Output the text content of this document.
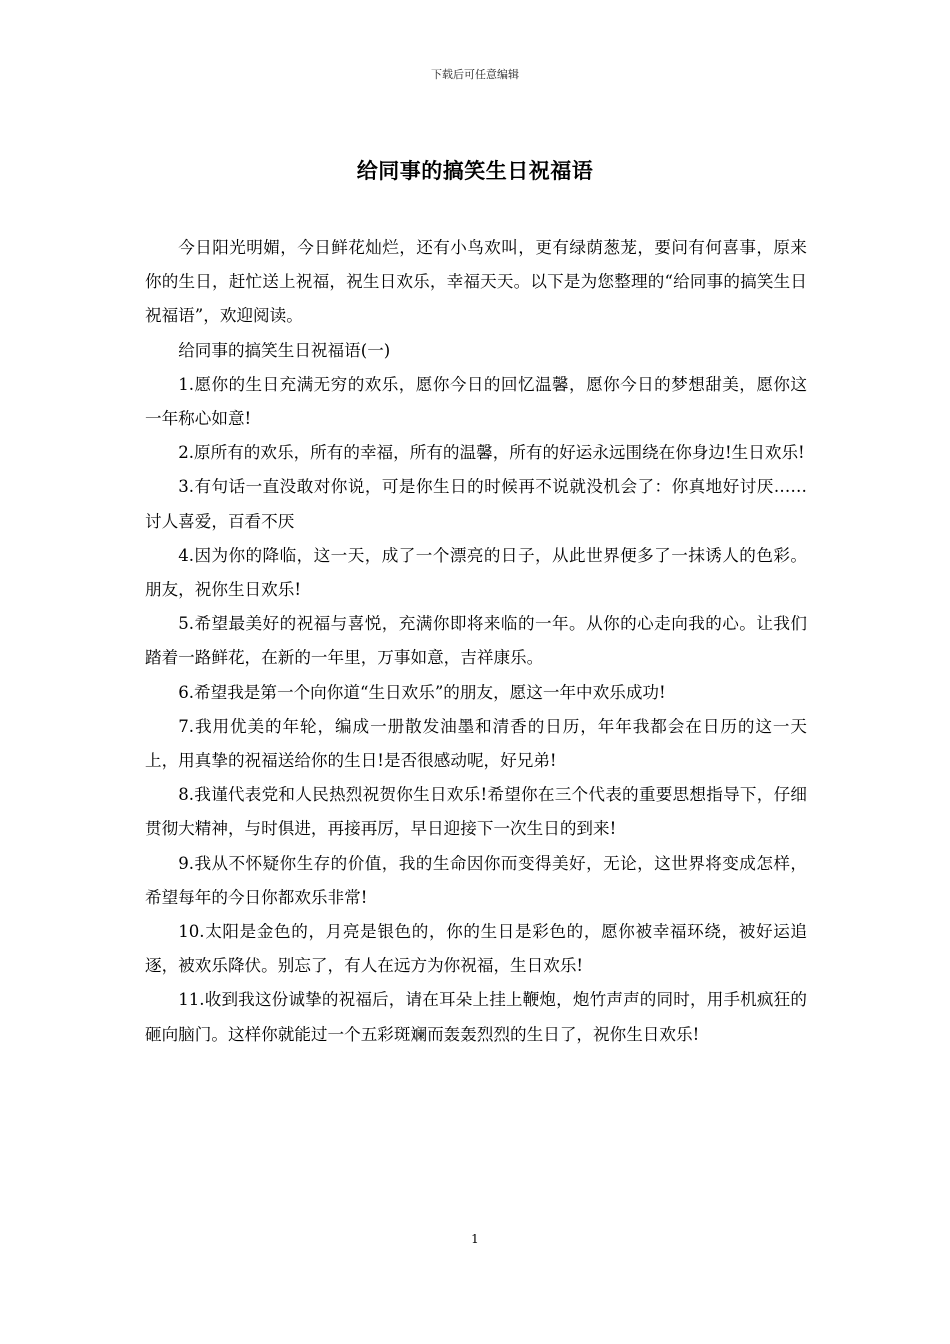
下载后可任意编辑
给同事的搞笑生日祝福语

今日阳光明媚，今日鲜花灿烂，还有小鸟欢叫，更有绿荫葱茏，要问有何喜事，原来你的生日，赶忙送上祝福，祝生日欢乐，幸福天天。以下是为您整理的“给同事的搞笑生日祝福语”，欢迎阅读。

给同事的搞笑生日祝福语(一)

1.愿你的生日充满无穷的欢乐，愿你今日的回忆温馨，愿你今日的梦想甜美，愿你这一年称心如意!

2.原所有的欢乐，所有的幸福，所有的温馨，所有的好运永远围绕在你身边!生日欢乐!

3.有句话一直没敢对你说，可是你生日的时候再不说就没机会了：你真地好讨厌……讨人喜爱，百看不厌

4.因为你的降临，这一天，成了一个漂亮的日子，从此世界便多了一抹诱人的色彩。朋友，祝你生日欢乐!

5.希望最美好的祝福与喜悦，充满你即将来临的一年。从你的心走向我的心。让我们踏着一路鲜花，在新的一年里，万事如意，吉祥康乐。

6.希望我是第一个向你道“生日欢乐”的朋友，愿这一年中欢乐成功!

7.我用优美的年轮，编成一册散发油墨和清香的日历，年年我都会在日历的这一天上，用真挚的祝福送给你的生日!是否很感动呢，好兄弟!

8.我谨代表党和人民热烈祝贺你生日欢乐!希望你在三个代表的重要思想指导下，仔细贯彻大精神，与时俱进，再接再厉，早日迎接下一次生日的到来!

9.我从不怀疑你生存的价值，我的生命因你而变得美好，无论，这世界将变成怎样，希望每年的今日你都欢乐非常!

10.太阳是金色的，月亮是银色的，你的生日是彩色的，愿你被幸福环绕，被好运追逐，被欢乐降伏。别忘了，有人在远方为你祝福，生日欢乐!

11.收到我这份诚挚的祝福后，请在耳朵上挂上鞭炮，炮竹声声的同时，用手机疯狂的砸向脑门。这样你就能过一个五彩斑斓而轰轰烈烈的生日了，祝你生日欢乐!

1
